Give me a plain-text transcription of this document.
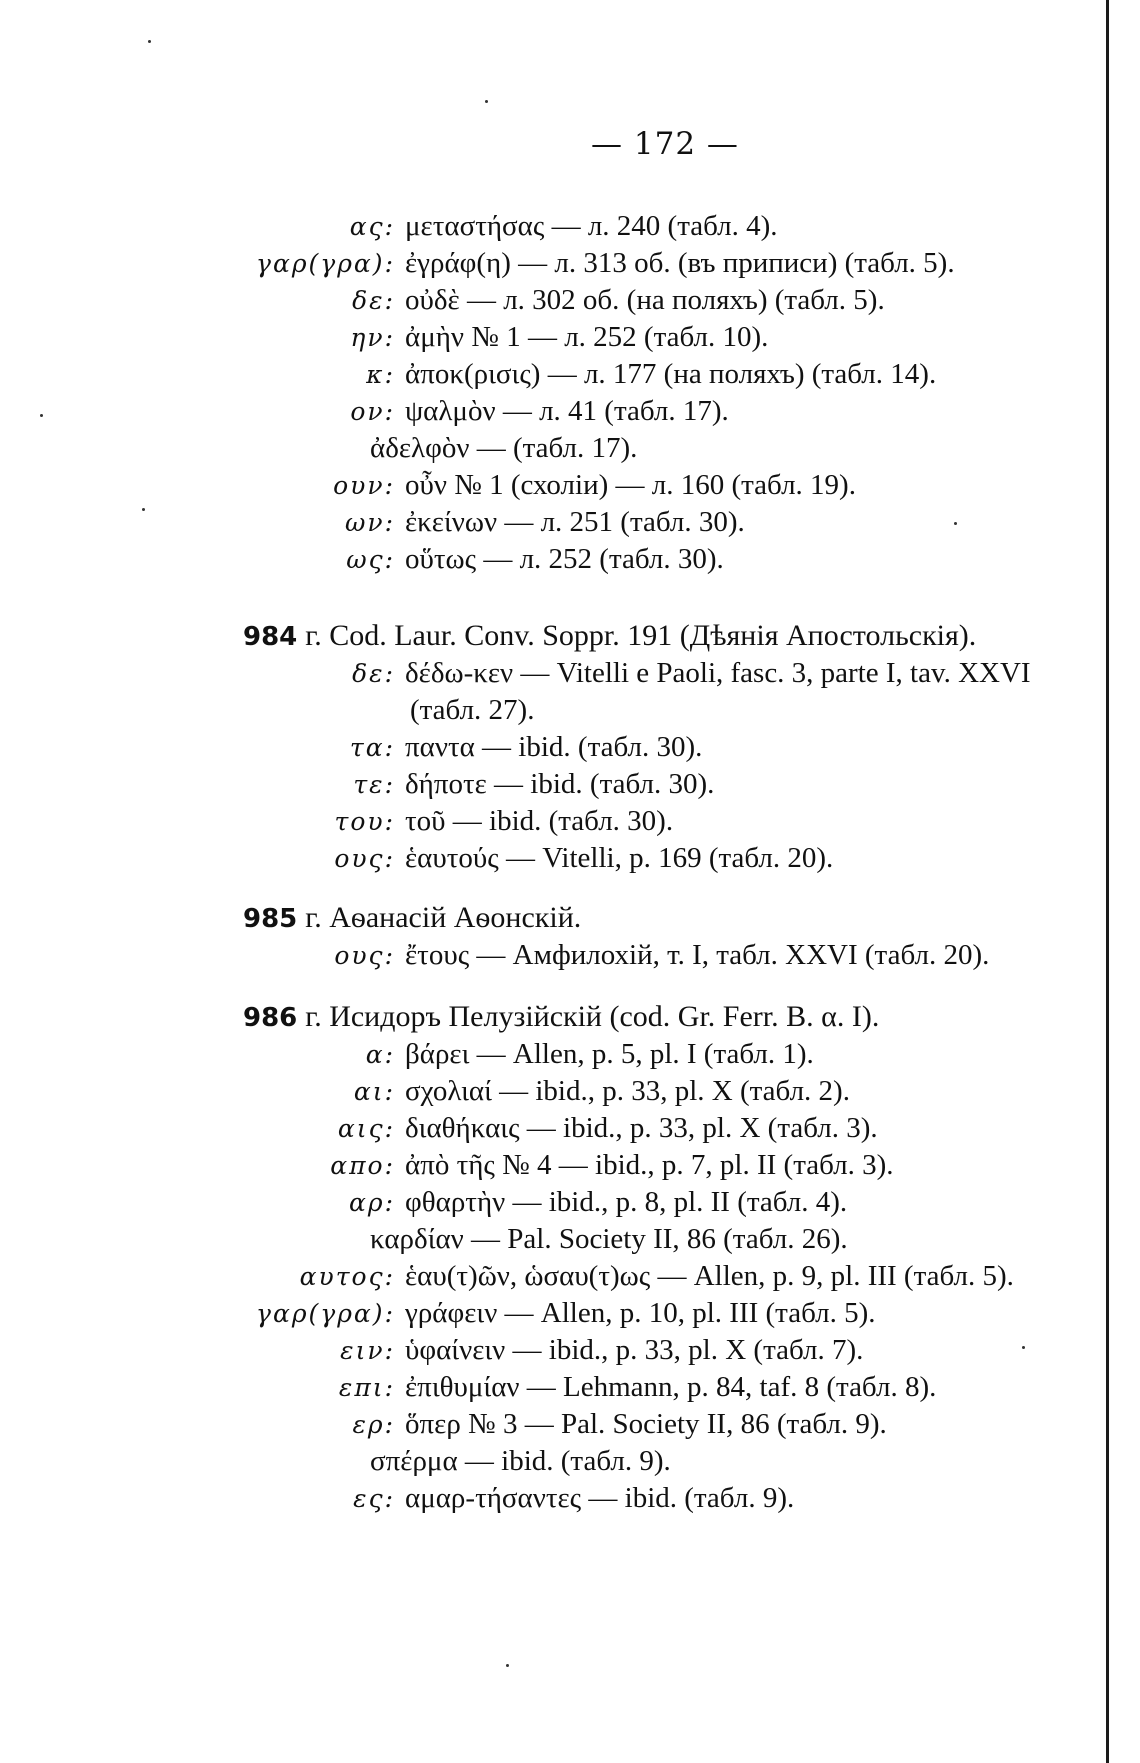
— 172 —
ας: μεταστήσας — л. 240 (табл. 4).
γαρ(γρα): ἐγράφ(η) — л. 313 об. (въ приписи) (табл. 5).
δε: οὐδὲ — л. 302 об. (на поляхъ) (табл. 5).
ην: ἀμὴν № 1 — л. 252 (табл. 10).
κ: ἀποκ(ρισις) — л. 177 (на поляхъ) (табл. 14).
ον: ψαλμὸν — л. 41 (табл. 17).
ἀδελφὸν — (табл. 17).
ουν: οὖν № 1 (схоліи) — л. 160 (табл. 19).
ων: ἐκείνων — л. 251 (табл. 30).
ως: οὕτως — л. 252 (табл. 30).
984 г. Cod. Laur. Conv. Soppr. 191 (Дѣянія Апостольскія).
δε: δέδω-κεν — Vitelli e Paoli, fasc. 3, parte I, tav. XXVI
(табл. 27).
τα: παντα — ibid. (табл. 30).
τε: δήποτε — ibid. (табл. 30).
του: τοῦ — ibid. (табл. 30).
ους: ἑαυτούς — Vitelli, p. 169 (табл. 20).
985 г. Аѳанасій Аѳонскій.
ους: ἔτους — Амфилохій, т. I, табл. XXVI (табл. 20).
986 г. Исидоръ Пелузійскій (cod. Gr. Ferr. B. α. I).
α: βάρει — Allen, p. 5, pl. I (табл. 1).
αι: σχολιαί — ibid., p. 33, pl. X (табл. 2).
αις: διαθήκαις — ibid., p. 33, pl. X (табл. 3).
απο: ἀπὸ τῆς № 4 — ibid., p. 7, pl. II (табл. 3).
αρ: φθαρτὴν — ibid., p. 8, pl. II (табл. 4).
καρδίαν — Pal. Society II, 86 (табл. 26).
αυτος: ἑαυ(τ)ῶν, ὡσαυ(τ)ως — Allen, p. 9, pl. III (табл. 5).
γαρ(γρα): γράφειν — Allen, p. 10, pl. III (табл. 5).
ειν: ὑφαίνειν — ibid., p. 33, pl. X (табл. 7).
επι: ἐπιθυμίαν — Lehmann, p. 84, taf. 8 (табл. 8).
ερ: ὅπερ № 3 — Pal. Society II, 86 (табл. 9).
σπέρμα — ibid. (табл. 9).
ες: αμαρ-τήσαντες — ibid. (табл. 9).
